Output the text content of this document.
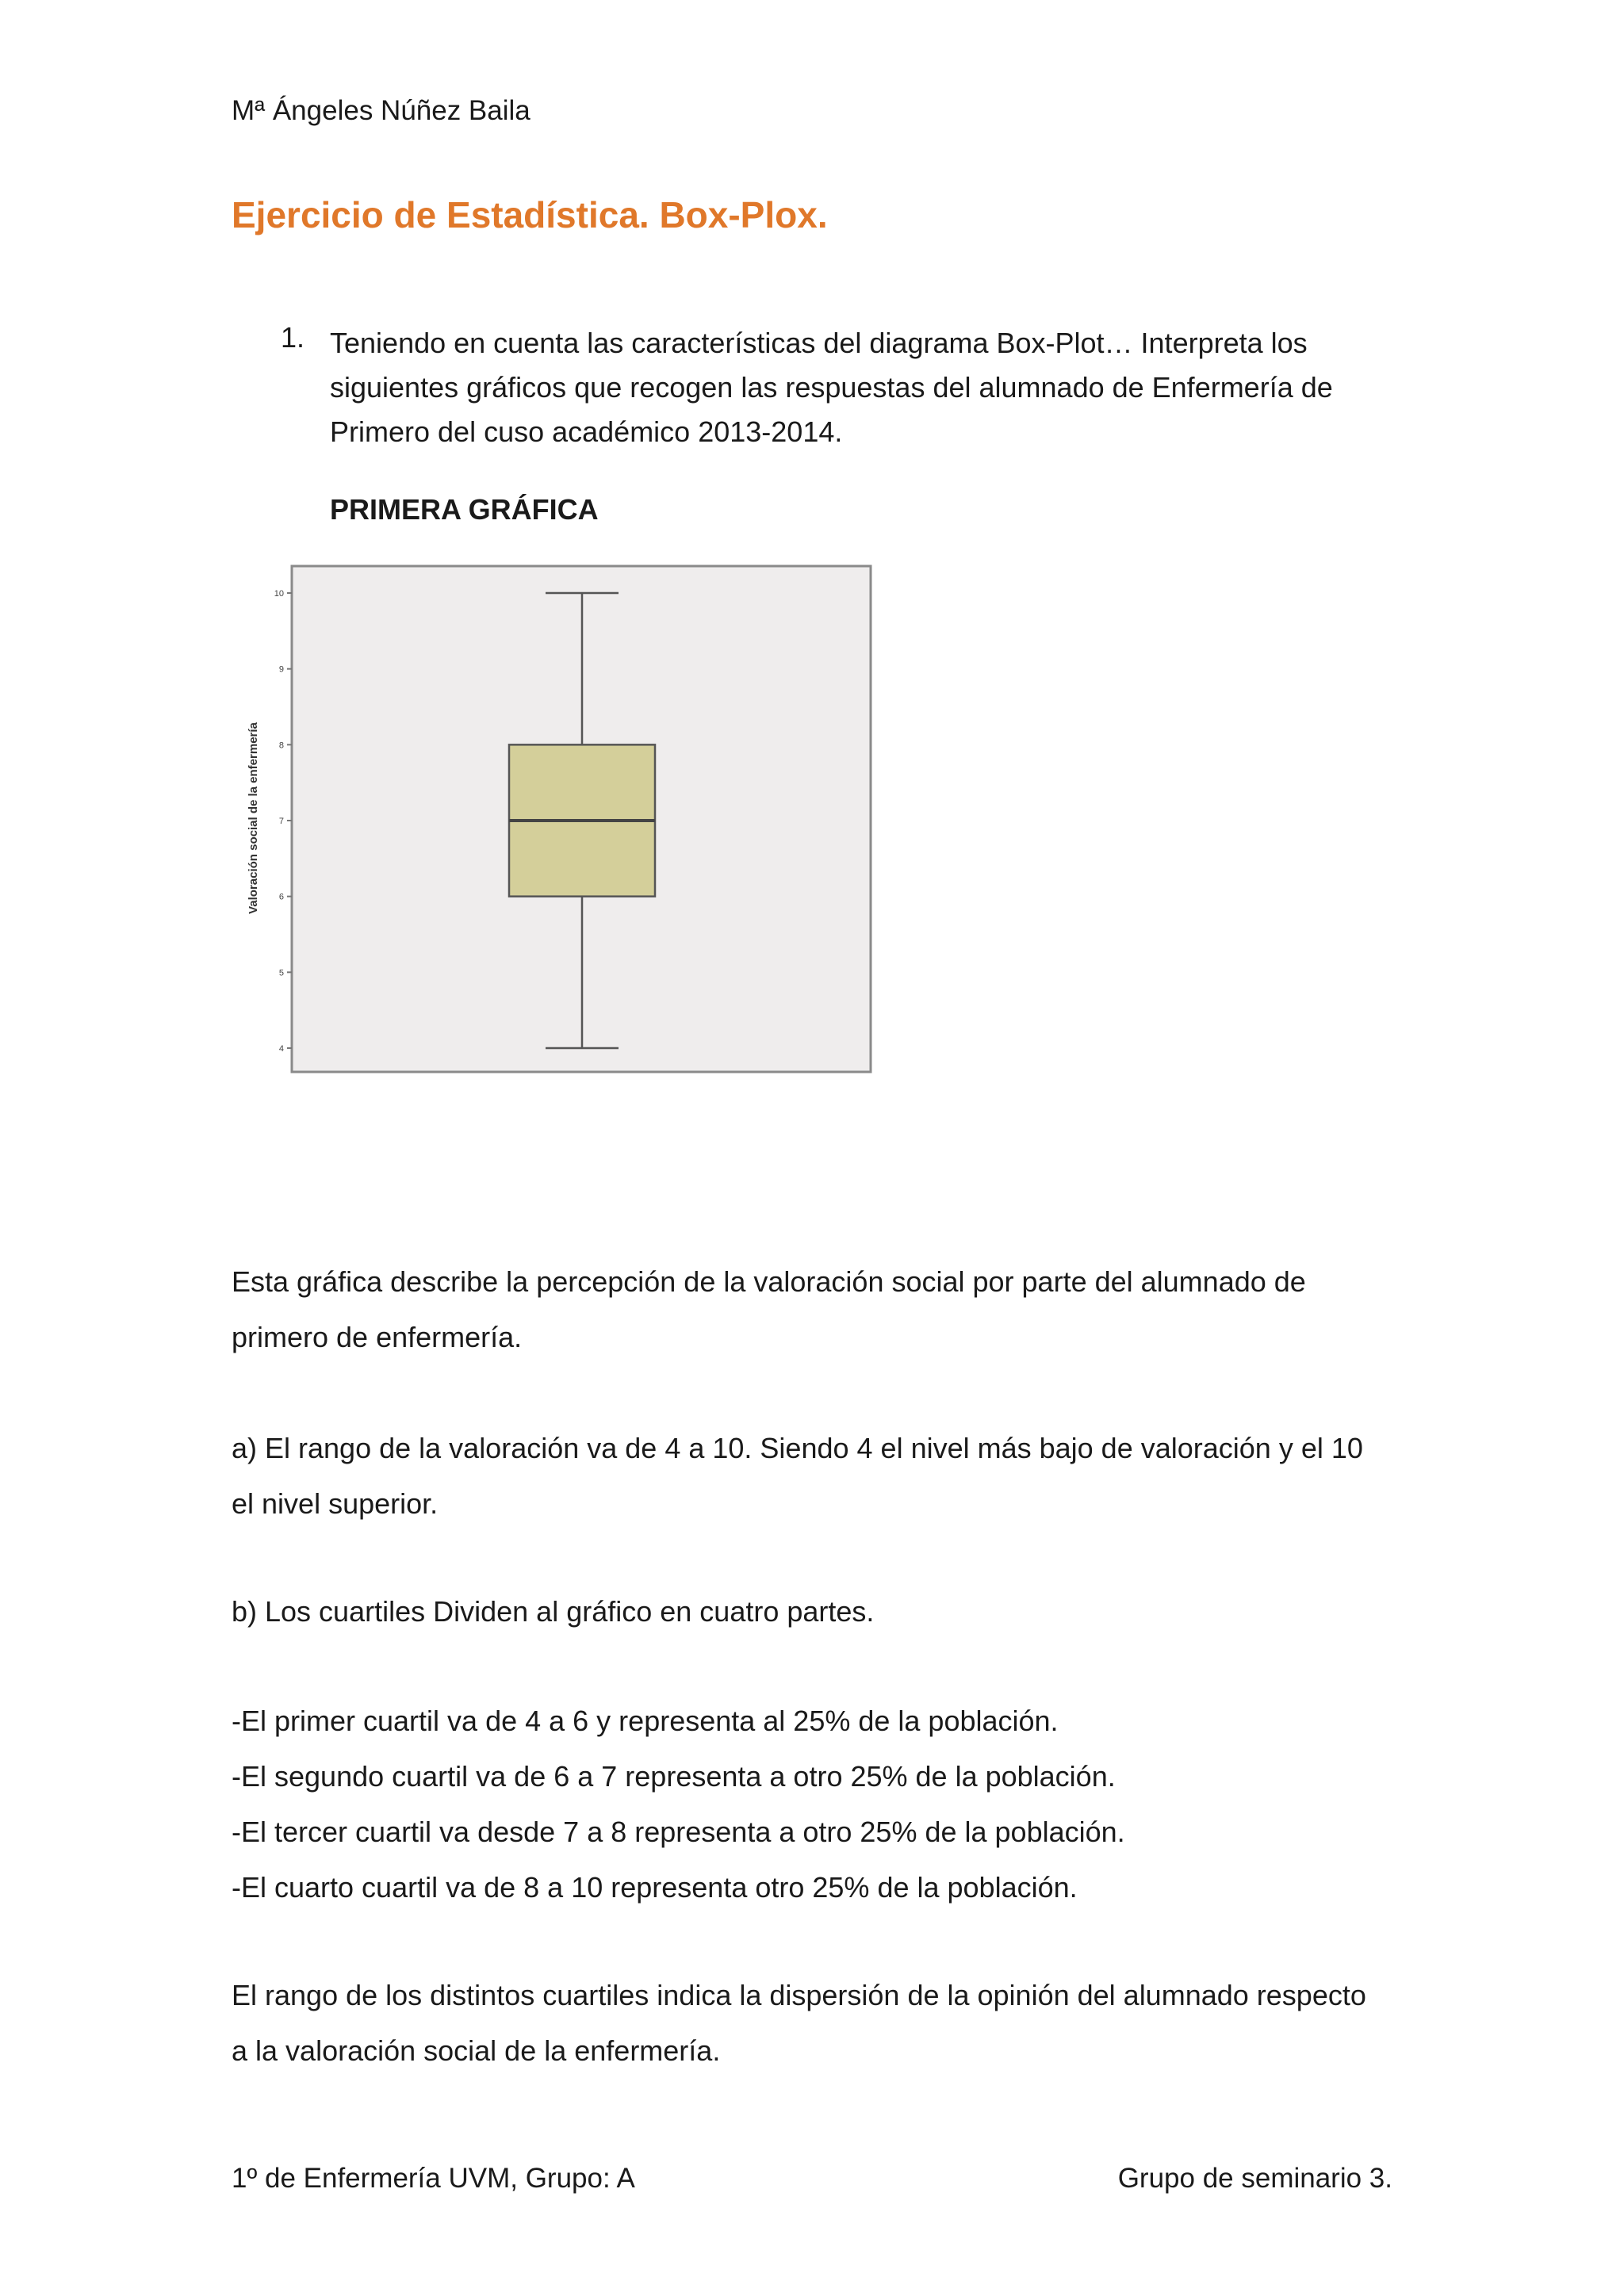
Mª Ángeles Núñez Baila
Ejercicio de Estadística. Box-Plox.
1. Teniendo en cuenta las características del diagrama Box-Plot… Interpreta los siguientes gráficos que recogen las respuestas del alumnado de Enfermería de Primero del cuso académico 2013-2014.
PRIMERA GRÁFICA
Valoración social de la enfermería
4
5
6
7
8
9
10
Esta gráfica describe la percepción de la valoración social por parte del alumnado de primero de enfermería.
a) El rango de la valoración va de 4 a 10. Siendo 4 el nivel más bajo de valoración y el 10 el nivel superior.
b) Los cuartiles Dividen al gráfico en cuatro partes.
-El primer cuartil va de 4 a 6 y representa al 25% de la población.
-El segundo cuartil va de 6 a 7 representa a otro 25% de la población.
-El tercer cuartil va desde 7 a 8 representa a otro 25% de la población.
-El cuarto cuartil va de 8 a 10 representa otro 25% de la población.
El rango de los distintos cuartiles indica la dispersión de la opinión del alumnado respecto a la valoración social de la enfermería.
1º de Enfermería UVM, Grupo: A	Grupo de seminario 3.
